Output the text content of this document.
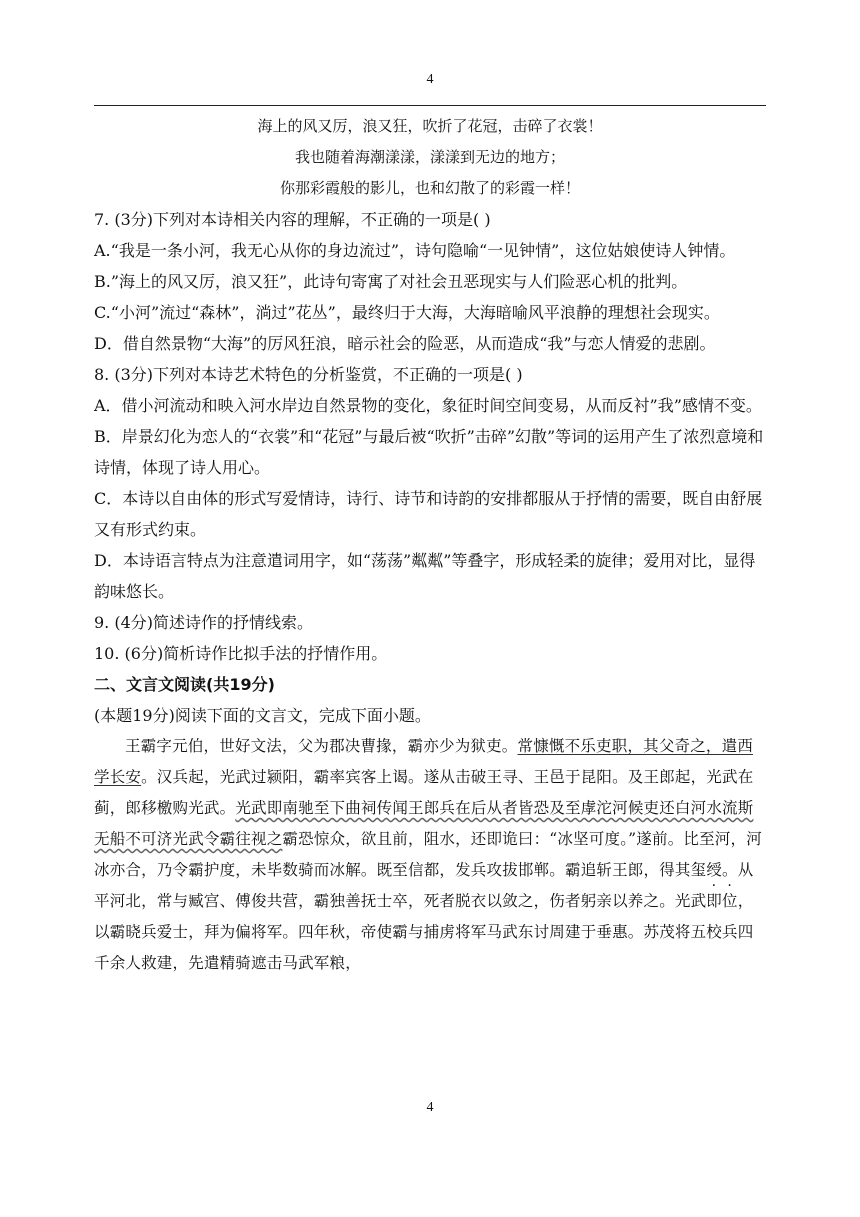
4

海上的风又厉，浪又狂，吹折了花冠，击碎了衣裳！

我也随着海潮漾漾，漾漾到无边的地方；

你那彩霞般的影儿，也和幻散了的彩霞一样！

7. (3分)下列对本诗相关内容的理解，不正确的一项是( )

A.“我是一条小河，我无心从你的身边流过”，诗句隐喻“一见钟情”，这位姑娘使诗人钟情。

B.”海上的风又厉，浪又狂”，此诗句寄寓了对社会丑恶现实与人们险恶心机的批判。

C.“小河”流过“森林”，淌过”花丛”，最终归于大海，大海暗喻风平浪静的理想社会现实。

D．借自然景物“大海”的厉风狂浪，暗示社会的险恶，从而造成“我”与恋人情爱的悲剧。

8. (3分)下列对本诗艺术特色的分析鉴赏，不正确的一项是( )

A．借小河流动和映入河水岸边自然景物的变化，象征时间空间变易，从而反衬”我”感情不变。

B．岸景幻化为恋人的“衣裳”和“花冠”与最后被“吹折”击碎”幻散”等词的运用产生了浓烈意境和诗情，体现了诗人用心。

C．本诗以自由体的形式写爱情诗，诗行、诗节和诗韵的安排都服从于抒情的需要，既自由舒展又有形式约束。

D．本诗语言特点为注意遣词用字，如“荡荡”粼粼”等叠字，形成轻柔的旋律；爱用对比，显得韵味悠长。

9. (4分)简述诗作的抒情线索。

10. (6分)简析诗作比拟手法的抒情作用。

二、文言文阅读(共19分)

(本题19分)阅读下面的文言文，完成下面小题。

王霸字元伯，世好文法，父为郡决曹掾，霸亦少为狱吏。常慷慨不乐吏职，其父奇之，遣西学长安。汉兵起，光武过颍阳，霸率宾客上谒。遂从击破王寻、王邑于昆阳。及王郎起，光武在蓟，郎移檄购光武。光武即南驰至下曲祠传闻王郎兵在后从者皆恐及至虖沱河候吏还白河水流斯无船不可济光武令霸往视之霸恐惊众，欲且前，阻水，还即诡曰：“冰坚可度。”遂前。比至河，河冰亦合，乃令霸护度，未毕数骑而冰解。既至信都，发兵攻拔邯郸。霸追斩王郎，得其玺绶。从平河北，常与臧宫、傅俊共营，霸独善抚士卒，死者脱衣以敛之，伤者躬亲以养之。光武即位，以霸晓兵爱士，拜为偏将军。四年秋，帝使霸与捕虏将军马武东讨周建于垂惠。苏茂将五校兵四千余人救建，先遣精骑遮击马武军粮，

4
